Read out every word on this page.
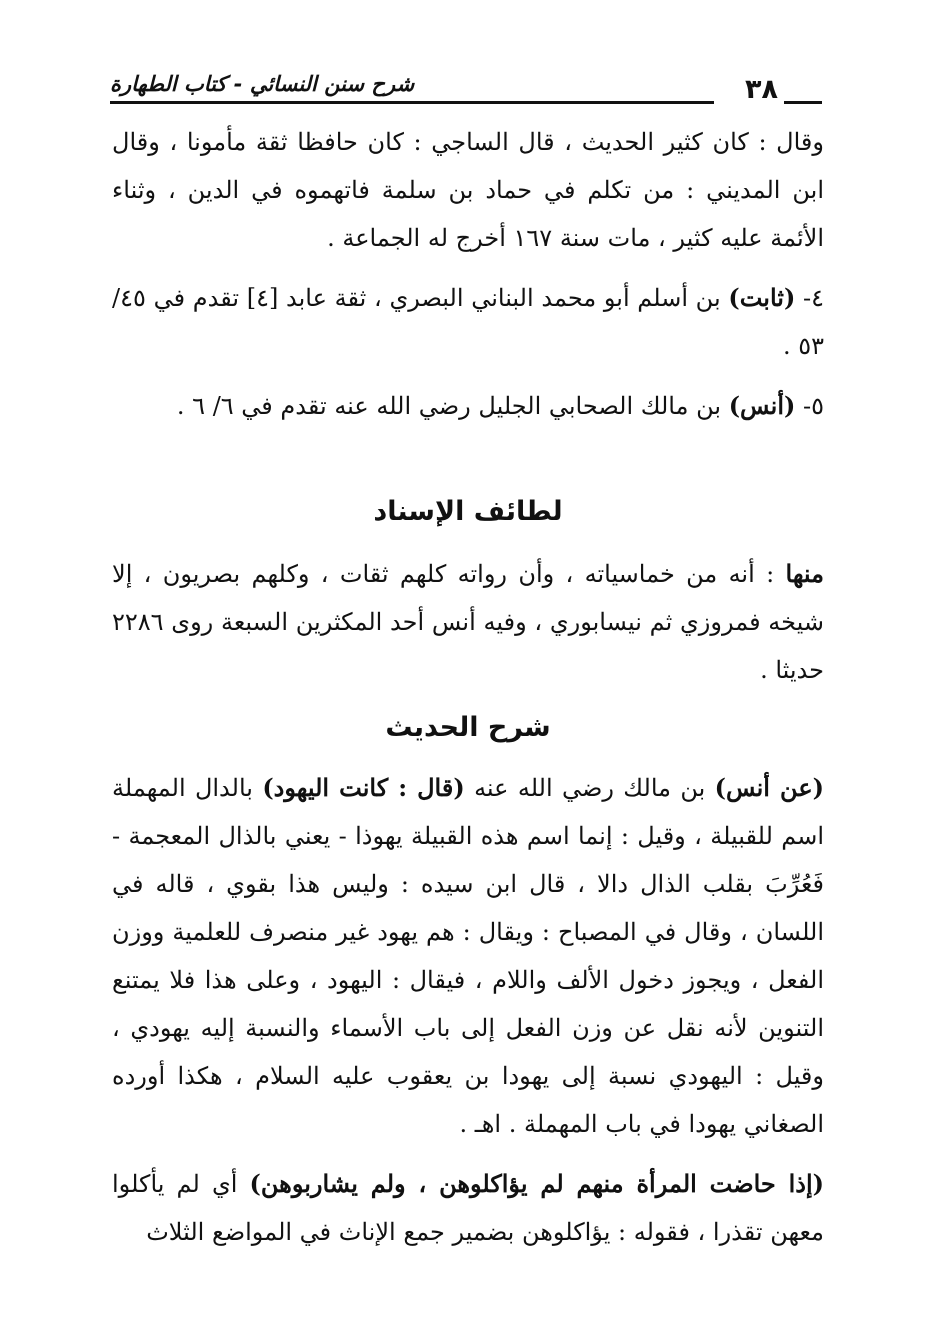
شرح سنن النسائي - كتاب الطهارة	٣٨

وقال : كان كثير الحديث ، قال الساجي : كان حافظا ثقة مأمونا ، وقال ابن المديني : من تكلم في حماد بن سلمة فاتهموه في الدين ، وثناء الأئمة عليه كثير ، مات سنة ١٦٧ أخرج له الجماعة .

٤- (ثابت) بن أسلم أبو محمد البناني البصري ، ثقة عابد [٤] تقدم في ٤٥/ ٥٣ .

٥- (أنس) بن مالك الصحابي الجليل رضي الله عنه تقدم في ٦/ ٦ .

لطائف الإسناد

منها : أنه من خماسياته ، وأن رواته كلهم ثقات ، وكلهم بصريون ، إلا شيخه فمروزي ثم نيسابوري ، وفيه أنس أحد المكثرين السبعة روى ٢٢٨٦ حديثا .

شرح الحديث

(عن أنس) بن مالك رضي الله عنه (قال : كانت اليهود) بالدال المهملة اسم للقبيلة ، وقيل : إنما اسم هذه القبيلة يهوذا - يعني بالذال المعجمة - فَعُرِّبَ بقلب الذال دالا ، قال ابن سيده : وليس هذا بقوي ، قاله في اللسان ، وقال في المصباح : ويقال : هم يهود غير منصرف للعلمية ووزن الفعل ، ويجوز دخول الألف واللام ، فيقال : اليهود ، وعلى هذا فلا يمتنع التنوين لأنه نقل عن وزن الفعل إلى باب الأسماء والنسبة إليه يهودي ، وقيل : اليهودي نسبة إلى يهودا بن يعقوب عليه السلام ، هكذا أورده الصغاني يهودا في باب المهملة . اهـ .

(إذا حاضت المرأة منهم لم يؤاكلوهن ، ولم يشاربوهن) أي لم يأكلوا معهن تقذرا ، فقوله : يؤاكلوهن بضمير جمع الإناث في المواضع الثلاث
